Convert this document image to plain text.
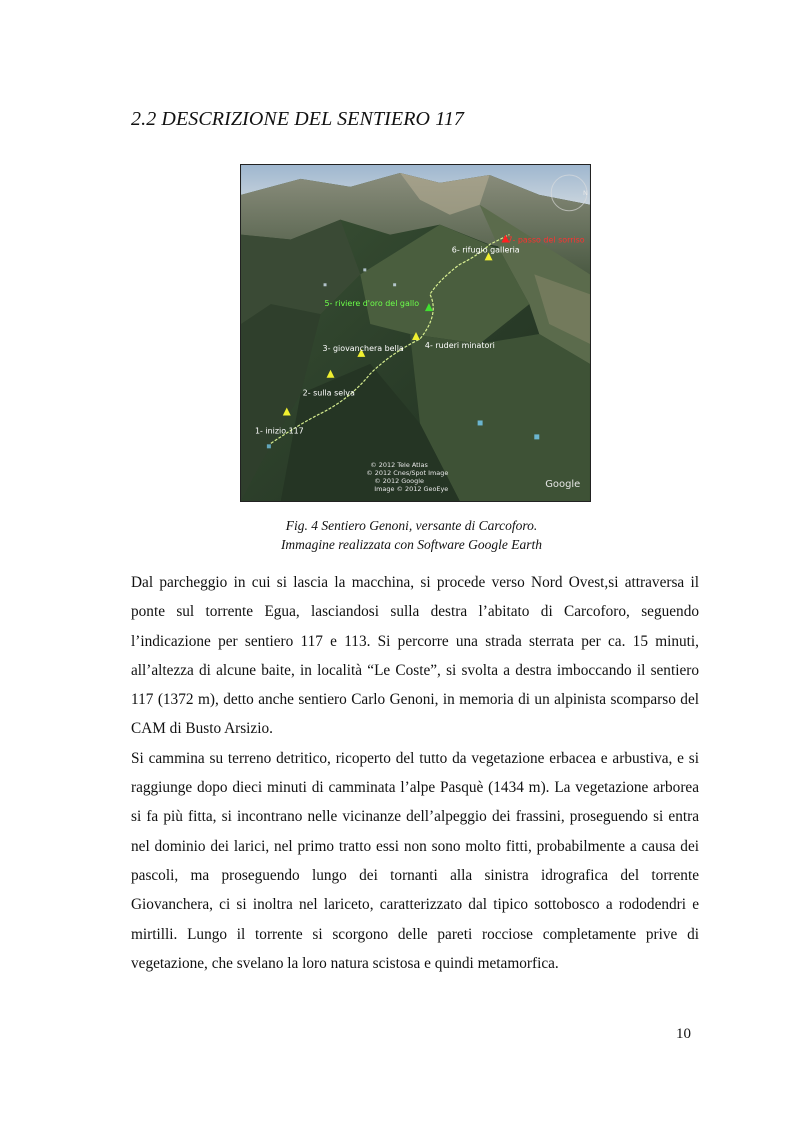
2.2 DESCRIZIONE DEL SENTIERO 117
N
1- inizio 117
2- sulla selva
3- giovanchera bella	4- ruderi minatori
5- riviere d'oro del gallo
6- rifugio galleria
7- passo del sorriso
© 2012 Tele Atlas
© 2012 Cnes/Spot Image
© 2012 Google
Image © 2012 GeoEye	Google
Fig. 4 Sentiero Genoni, versante di Carcoforo.
Immagine realizzata con Software Google Earth

Dal parcheggio in cui si lascia la macchina, si procede verso Nord Ovest,si attraversa il ponte sul torrente Egua, lasciandosi sulla destra l’abitato di Carcoforo, seguendo l’indicazione per sentiero 117 e 113. Si percorre una strada sterrata per ca. 15 minuti, all’altezza di alcune baite, in località “Le Coste”, si svolta a destra imboccando il sentiero 117 (1372 m), detto anche sentiero Carlo Genoni, in memoria di un alpinista scomparso del CAM di Busto Arsizio.

Si cammina su terreno detritico, ricoperto del tutto da vegetazione erbacea e arbustiva, e si raggiunge dopo dieci minuti di camminata l’alpe Pasquè (1434 m). La vegetazione arborea si fa più fitta, si incontrano nelle vicinanze dell’alpeggio dei frassini, proseguendo si entra nel dominio dei larici, nel primo tratto essi non sono molto fitti, probabilmente a causa dei pascoli, ma proseguendo lungo dei tornanti alla sinistra idrografica del torrente Giovanchera, ci si inoltra nel lariceto, caratterizzato dal tipico sottobosco a rododendri e mirtilli. Lungo il torrente si scorgono delle pareti rocciose completamente prive di vegetazione, che svelano la loro natura scistosa e quindi metamorfica.

10
